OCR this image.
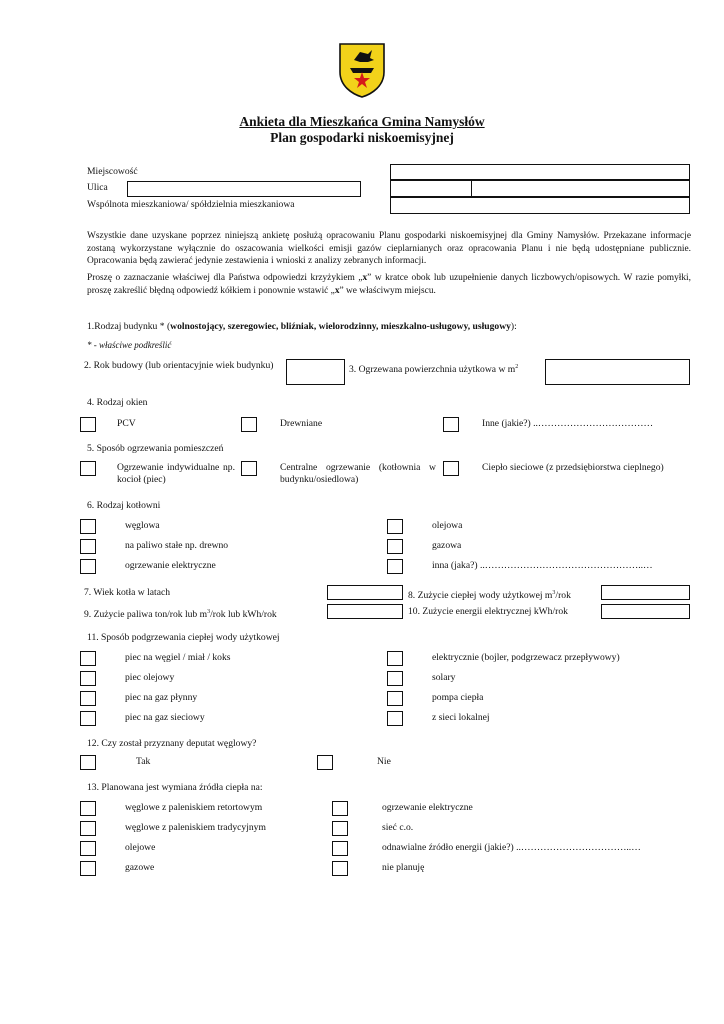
Ankieta dla Mieszkańca Gmina Namysłów
Plan gospodarki niskoemisyjnej
Miejscowość
Ulica
Wspólnota mieszkaniowa/ spółdzielnia mieszkaniowa
Wszystkie dane uzyskane poprzez niniejszą ankietę posłużą opracowaniu Planu gospodarki niskoemisyjnej dla Gminy Namysłów. Przekazane informacje zostaną wykorzystane wyłącznie do oszacowania wielkości emisji gazów cieplarnianych oraz opracowania Planu i nie będą udostępniane publicznie. Opracowania będą zawierać jedynie zestawienia i wnioski z analizy zebranych informacji.
Proszę o zaznaczanie właściwej dla Państwa odpowiedzi krzyżykiem „x” w kratce obok lub uzupełnienie danych liczbowych/opisowych. W razie pomyłki, proszę zakreślić błędną odpowiedź kółkiem i ponownie wstawić „x” we właściwym miejscu.
1.Rodzaj budynku * (wolnostojący, szeregowiec, bliźniak, wielorodzinny, mieszkalno-usługowy, usługowy):
* - właściwe podkreślić
2. Rok budowy (lub orientacyjnie wiek budynku)	3. Ogrzewana powierzchnia użytkowa w $m^2$
4. Rodzaj okien
PCV	Drewniane	Inne (jakie?) ..………………………………
5. Sposób ogrzewania pomieszczeń
Ogrzewanie indywidualne np. kocioł (piec)
Centralne ogrzewanie (kotłownia w budynku/osiedlowa)
Ciepło sieciowe (z przedsiębiorstwa cieplnego)
6. Rodzaj kotłowni
węglowa
na paliwo stałe np. drewno
ogrzewanie elektryczne
olejowa
gazowa
inna (jaka?) ..…………………………………………..…
7. Wiek kotła w latach	8. Zużycie ciepłej wody użytkowej $m^3$/rok
9. Zużycie paliwa ton/rok lub $m^3$/rok lub kWh/rok	10. Zużycie energii elektrycznej kWh/rok
11. Sposób podgrzewania ciepłej wody użytkowej
piec na węgiel / miał / koks
piec olejowy
piec na gaz płynny
piec na gaz sieciowy
elektrycznie (bojler, podgrzewacz przepływowy)
solary
pompa ciepła
z sieci lokalnej
12. Czy został przyznany deputat węglowy?
Tak	Nie
13. Planowana jest wymiana źródła ciepła na:
węglowe z paleniskiem retortowym
węglowe z paleniskiem tradycyjnym
olejowe
gazowe
ogrzewanie elektryczne
sieć c.o.
odnawialne źródło energii (jakie?) ..……………………………..…
nie planuję
